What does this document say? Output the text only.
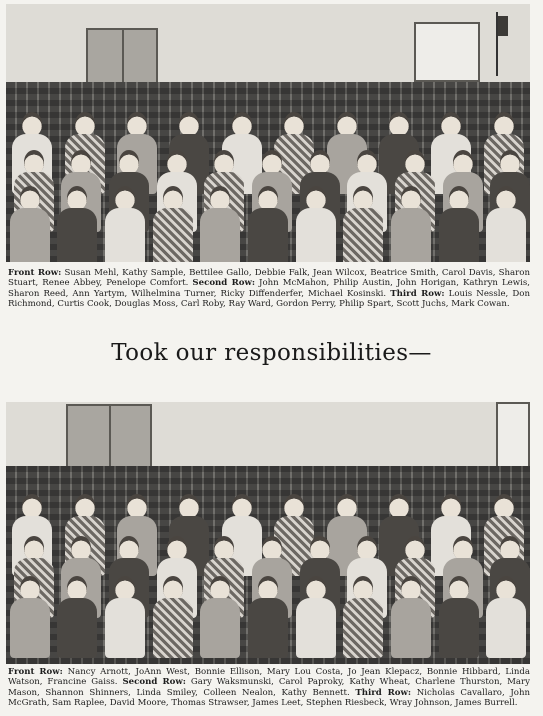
Front Row: Susan Mehl, Kathy Sample, Bettilee Gallo, Debbie Falk, Jean Wilcox, Beatrice Smith, Carol Davis, Sharon Stuart, Renee Abbey, Penelope Comfort. Second Row: John McMahon, Philip Austin, John Horigan, Kathryn Lewis, Sharon Reed, Ann Yartym, Wilhelmina Turner, Ricky Diffenderfer, Michael Kosinski. Third Row: Louis Nessle, Don Richmond, Curtis Cook, Douglas Moss, Carl Roby, Ray Ward, Gordon Perry, Philip Spart, Scott Juchs, Mark Cowan.
Took our responsibilities—
Front Row: Nancy Arnott, JoAnn West, Bonnie Ellison, Mary Lou Costa, Jo Jean Klepacz, Bonnie Hibbard, Linda Watson, Francine Gaiss. Second Row: Gary Waksmunski, Carol Paproky, Kathy Wheat, Charlene Thurston, Mary Mason, Shannon Shinners, Linda Smiley, Colleen Nealon, Kathy Bennett. Third Row: Nicholas Cavallaro, John McGrath, Sam Raplee, David Moore, Thomas Strawser, James Leet, Stephen Riesbeck, Wray Johnson, James Burrell.
